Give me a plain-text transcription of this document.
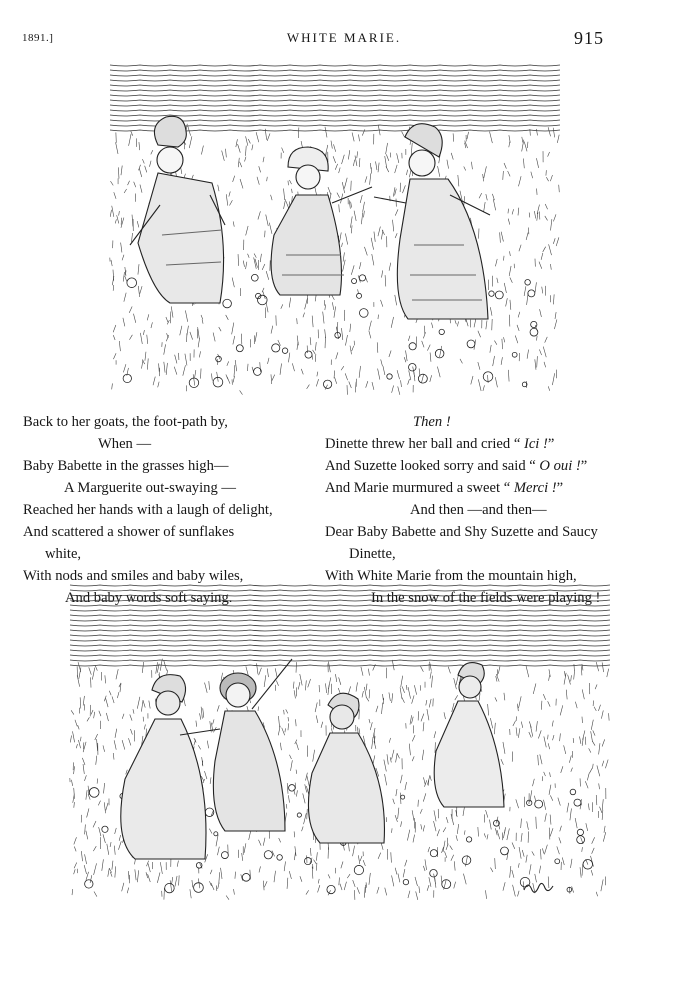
1891.]	WHITE MARIE.	915
Back to her goats, the foot-path by,
When —
Baby Babette in the grasses high—
A Marguerite out-swaying —
Reached her hands with a laugh of delight,
And scattered a shower of sunflakes
white,
With nods and smiles and baby wiles,
And baby words soft saying.
Then !
Dinette threw her ball and cried “ Ici !”
And Suzette looked sorry and said “ O oui !”
And Marie murmured a sweet “ Merci !”
And then —and then—
Dear Baby Babette and Shy Suzette and Saucy
Dinette,
With White Marie from the mountain high,
In the snow of the fields were playing !
